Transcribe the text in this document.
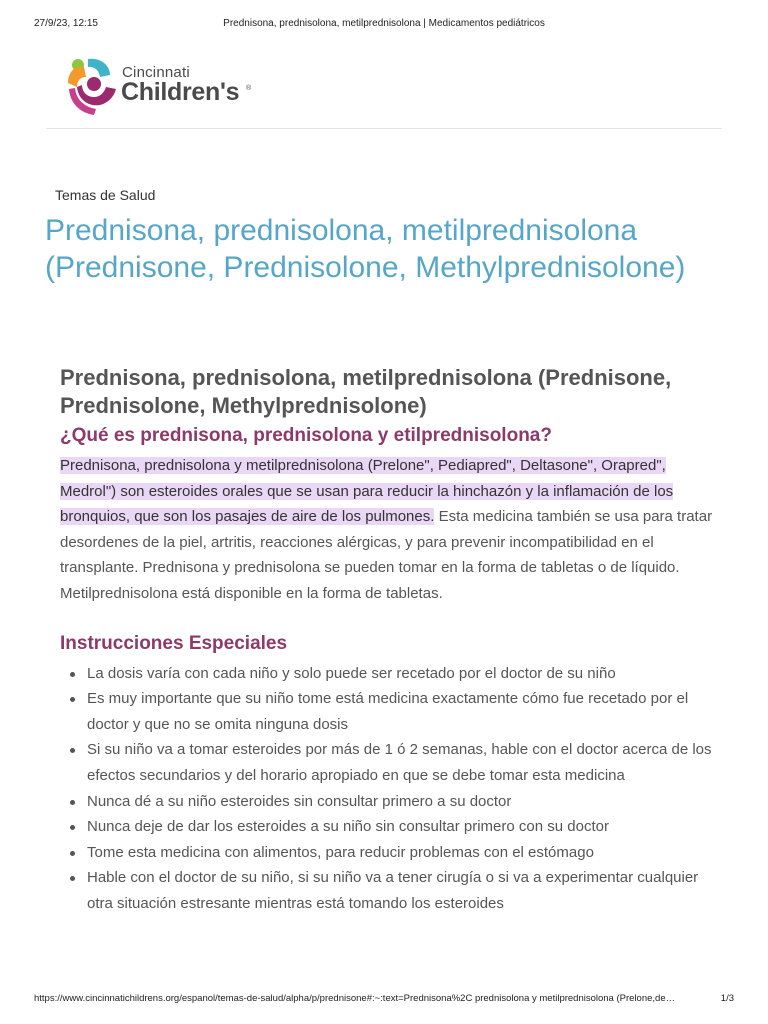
27/9/23, 12:15	Prednisona, prednisolona, metilprednisolona | Medicamentos pediátricos
Cincinnati
Children's ®
Temas de Salud
Prednisona, prednisolona, metilprednisolona (Prednisone, Prednisolone, Methylprednisolone)
Prednisona, prednisolona, metilprednisolona (Prednisone, Prednisolone, Methylprednisolone)
¿Qué es prednisona, prednisolona y etilprednisolona?

Prednisona, prednisolona y metilprednisolona (Prelone", Pediapred", Deltasone", Orapred", Medrol") son esteroides orales que se usan para reducir la hinchazón y la inflamación de los bronquios, que son los pasajes de aire de los pulmones. Esta medicina también se usa para tratar desordenes de la piel, artritis, reacciones alérgicas, y para prevenir incompatibilidad en el transplante. Prednisona y prednisolona se pueden tomar en la forma de tabletas o de líquido. Metilprednisolona está disponible en la forma de tabletas.

Instrucciones Especiales
La dosis varía con cada niño y solo puede ser recetado por el doctor de su niño
Es muy importante que su niño tome está medicina exactamente cómo fue recetado por el doctor y que no se omita ninguna dosis
Si su niño va a tomar esteroides por más de 1 ó 2 semanas, hable con el doctor acerca de los efectos secundarios y del horario apropiado en que se debe tomar esta medicina
Nunca dé a su niño esteroides sin consultar primero a su doctor
Nunca deje de dar los esteroides a su niño sin consultar primero con su doctor
Tome esta medicina con alimentos, para reducir problemas con el estómago
Hable con el doctor de su niño, si su niño va a tener cirugía o si va a experimentar cualquier otra situación estresante mientras está tomando los esteroides
https://www.cincinnatichildrens.org/espanol/temas-de-salud/alpha/p/prednisone#:~:text=Prednisona%2C prednisolona y metilprednisolona (Prelone,de…	1/3
